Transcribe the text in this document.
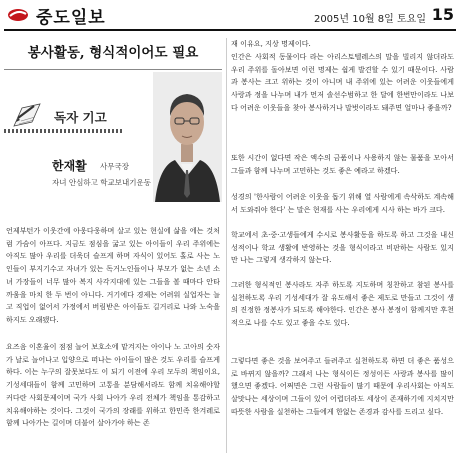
중도일보	2005년 10월 8일 토요일 15
봉사활동, 형식적이어도 필요
독자 기고
한재활 사무국장
자녀 안심하고 학교보내기운동

언제부턴가 이웃간에 아웅다웅하며 살고 있는 현실에 삶을 에는 것처럼 가슴이 아프다. 지금도 점심을 굶고 있는 아이들이 우리 주위에는 아직도 많아 우리를 더욱더 슬프게 하며 자식이 있어도 홀로 사는 노인들이 부지기수고 자녀가 있는 독거노인들이나 부모가 없는 소년 소녀 가장들이 너무 많아 복지 사각지대에 있는 그들을 볼 때마다 안타까움을 마치 한 두 번이 아니다. 거기에다 경제는 어려워 실업자는 늘고 직업이 없어서 가정에서 버림받은 아이들도 길거리로 나와 노숙을 하지도 오래됐다.

요즈음 이혼율이 점점 늘어 보호소에 맡겨지는 아이나 노 고아의 숫자가 날로 늘어나고 입양으로 떠나는 아이들이 많은 것도 우리를 슬프게 하다. 이는 누구의 잘못보다도 이 되기 이전에 우리 모두의 책임이요, 기성세대들이 함께 고민하며 고통을 분담해서라도 함께 치유해야할 커다란 사회문제이며 국가 사회 나아가 우리 전체가 책임을 통감하고 치유해야하는 것이다. 그것이 국가의 장래를 위하고 한민족 한겨레로 함께 나아가는 길이며 더불어 살아가야 하는 존

재 이유요, 지상 명제이다.

인간은 사회적 동물이다 라는 아리스토텔레스의 말을 빌리지 않더라도 우리 주위를 돌아보면 이런 명제는 쉽게 발견할 수 있기 때문이다. 사람과 봉사는 크고 위하는 것이 아니며 내 주위에 있는 어려운 이웃들에게 사랑과 정을 나누며 내가 먼저 솔선수범하고 한 달에 한번만이라도 나보다 어려운 이웃들을 찾아 봉사하거나 말벗이라도 돼주면 얼마나 좋을까?

또한 시간이 없다면 작은 액수의 금품이나 사용하지 않는 물품을 모아서 그들과 함께 나누며 고민하는 것도 좋은 예라고 하겠다.

성경의 '한사람이 어려운 이웃을 돕기 위해 열 사람에게 속삭하도 계속해서 도와줘야 한다' 는 말은 현재를 사는 우리에게 시사 하는 바가 크다.

학교에서 초·중·고생들에게 수시로 봉사활동을 하도록 하고 그것을 내신성적이나 학교 생활에 반영하는 것을 형식이라고 비판하는 사람도 있지만 나는 그렇게 생각하지 않는다.

그러한 형식적인 봉사라도 자주 하도록 지도하며 칭찬하고 참된 봉사를 실천하도록 우리 기성세대가 잘 유도해서 좋은 제도로 만들고 그것이 생의 진정한 정봉사가 되도록 해야한다. 인간은 봉사 봉정이 함께지만 후천적으로 나를 수도 있고 좋을 수도 있다.

그렇다면 좋은 것을 보여주고 들려주고 실천하도록 하면 더 좋은 품성으로 바뀌지 않을까? 그래서 나는 형식이든 정성이든 사랑과 봉사를 많이 했으면 좋겠다. 어쩌면은 그런 사람들이 많기 때문에 우리사회는 아직도 살맛나는 세상이며 그들이 있어 어렵더라도 세상이 존재하기에 지치지만 따뜻한 사람을 실천하는 그들에게 한없는 존경과 감사를 드리고 싶다.
